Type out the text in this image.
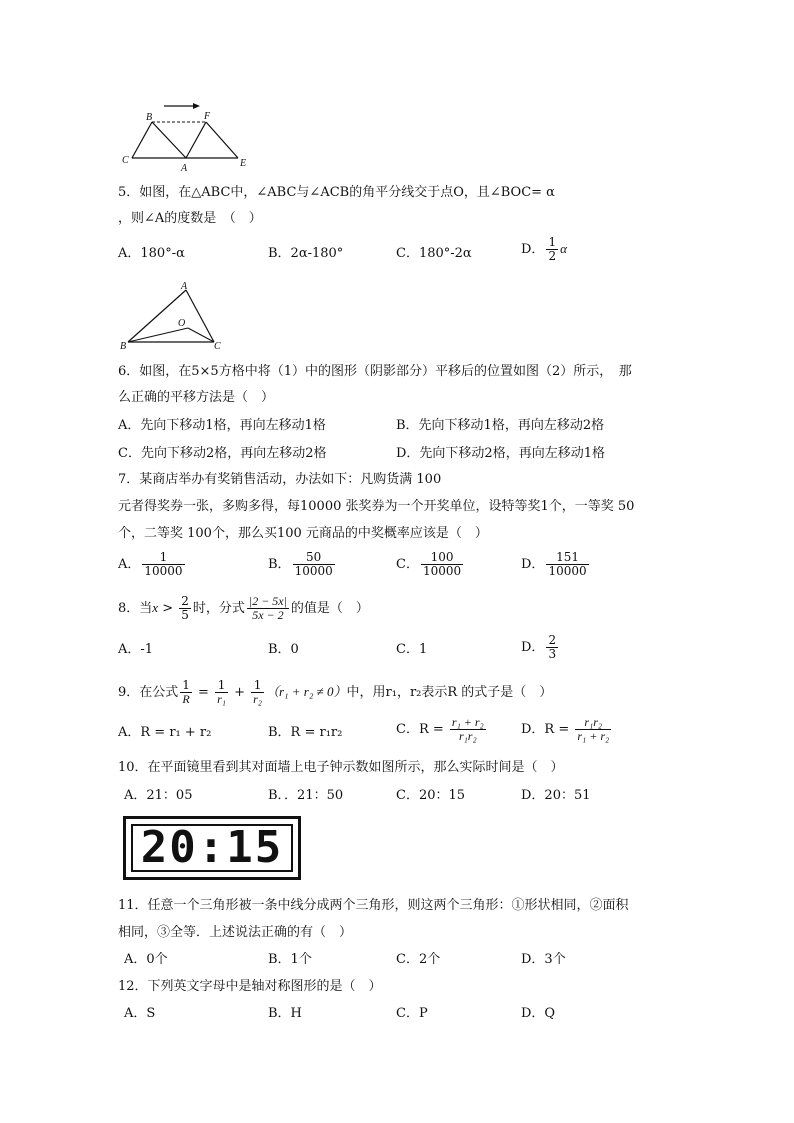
B	F
C
A	E
5．如图，在△ABC中，∠ABC与∠ACB的角平分线交于点O，且∠BOC= α
，则∠A的度数是　（　）
A．180°-α	B．2α-180°	C．180°-2α	D． $\frac{1}{2}$ α
A
O
B	C
6．如图，在5×5方格中将（1）中的图形（阴影部分）平移后的位置如图（2）所示，　那
么正确的平移方法是（　）
A．先向下移动1格，再向左移动1格	B．先向下移动1格，再向左移动2格
C．先向下移动2格，再向左移动2格	D．先向下移动2格，再向左移动1格
7．某商店举办有奖销售活动，办法如下：凡购货满 100
元者得奖券一张，多购多得，每10000 张奖券为一个开奖单位，设特等奖1个，一等奖 50
个，二等奖 100个，那么买100 元商品的中奖概率应该是（　）
A． $\frac{1}{10000}$	B． $\frac{50}{10000}$	C． $\frac{100}{10000}$	D． $\frac{151}{10000}$
8．当$x > \frac{2}{5}$ 时，分式 $\frac{|2 - 5x|}{5x - 2}$ 的值是（　）
A．-1	B．0	C．1	D． $\frac{2}{3}$
9．在公式 $\frac{1}{R} = \frac{1}{\text{r₁}} + \frac{1}{\text{r₂}} (r_1 + r_2 \ne 0)$中，用r₁，r₂表示R 的式子是（　）
A．R = r₁ + r₂	B．R = r₁r₂	C．$R = \frac{\text{r₁ + r₂}}{\text{r₁r₂}}$	D．$R = \frac{\text{r₁r₂}}{\text{r₁ + r₂}}$
10．在平面镜里看到其对面墙上电子钟示数如图所示，那么实际时间是（　）
A．21：05	B．．21：50	C．20：15	D．20：51
20:15
11．任意一个三角形被一条中线分成两个三角形，则这两个三角形：①形状相同，②面积
相同，③全等．上述说法正确的有（　）
A．0个	B．1个	C．2个	D．3个
12．下列英文字母中是轴对称图形的是（　）
A．S	B．H	C．P	D．Q
